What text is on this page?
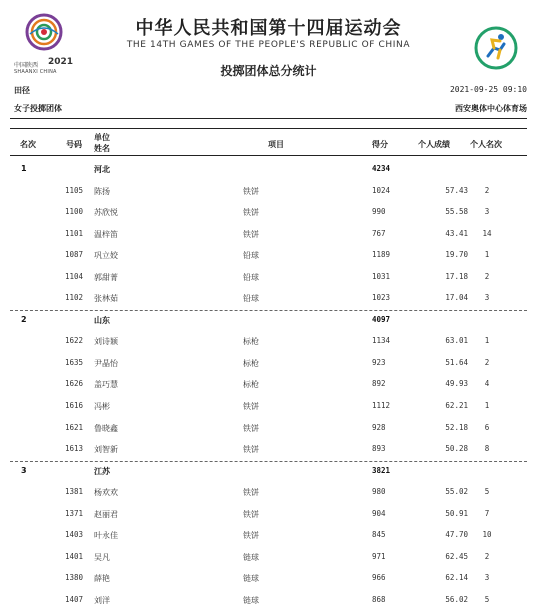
中国陕西 2021
SHAANXI CHINA
中华人民共和国第十四届运动会
THE 14TH GAMES OF THE PEOPLE'S REPUBLIC OF CHINA
投掷团体总分统计
田径	2021-09-25 09:10
女子投掷团体	西安奥体中心体育场
名次	号码
单位
姓名	项目	得分	个人成绩	个人名次
1	河北	4234
1105 陈扬	铁饼	1024	57.43	2
1100 苏欣悦	铁饼	990	55.58	3
1101 温梓笛	铁饼	767	43.41	14
1087 巩立姣	铅球	1189	19.70	1
1104 郭甜菁	铅球	1031	17.18	2
1102 张林茹	铅球	1023	17.04	3
2	山东	4097
1622 刘诗颖	标枪	1134	63.01	1
1635 尹晶怡	标枪	923	51.64	2
1626 盖巧慧	标枪	892	49.93	4
1616 冯彬	铁饼	1112	62.21	1
1621 鲁晓鑫	铁饼	928	52.18	6
1613 刘智新	铁饼	893	50.28	8
3	江苏	3821
1381 杨欢欢	铁饼	980	55.02	5
1371 赵丽君	铁饼	904	50.91	7
1403 叶永佳	铁饼	845	47.70	10
1401 吴凡	链球	971	62.45	2
1380 薛艳	链球	966	62.14	3
1407 刘洋	链球	868	56.02	5
